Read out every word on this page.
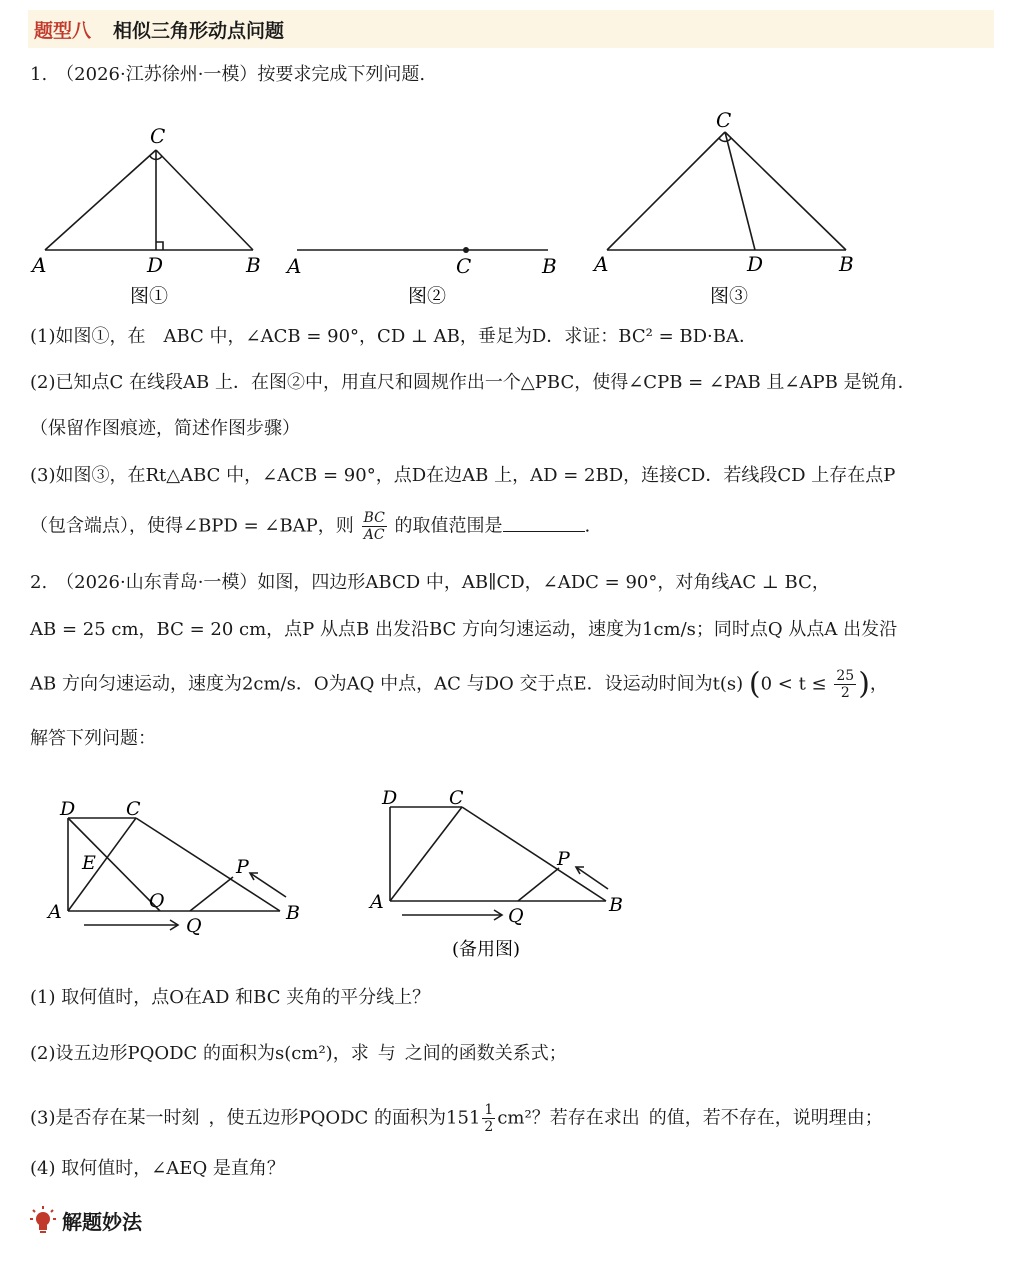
题型八 相似三角形动点问题
1.　（2026·江苏徐州·一模）按要求完成下列问题.
C
A	D	B
图①
A	C	B
图②
C
A	D	B
图③
(1)如图①，在 ABC 中，∠ACB = 90°，CD ⊥ AB，垂足为D．求证：BC² = BD·BA．
(2)已知点C 在线段AB 上．在图②中，用直尺和圆规作出一个△PBC，使得∠CPB = ∠PAB 且∠APB 是锐角．
（保留作图痕迹，简述作图步骤）
(3)如图③，在Rt△ABC 中，∠ACB = 90°，点D在边AB 上，AD = 2BD，连接CD．若线段CD 上存在点P
（包含端点），使得∠BPD = ∠BAP，则 $\frac{BC}{AC}$ 的取值范围是	.
2.　（2026·山东青岛·一模）如图，四边形ABCD 中，AB∥CD，∠ADC = 90°，对角线AC ⊥ BC，
AB = 25 cm，BC = 20 cm，点P 从点B 出发沿BC 方向匀速运动，速度为1cm/s；同时点Q 从点A 出发沿
AB 方向匀速运动，速度为2cm/s．O为AQ 中点，AC 与DO 交于点E．设运动时间为t(s) ($0 < t \le \frac{25}{2}$ )，
解答下列问题：
D	C
E
A	O
Q
P
B
D	C
A
Q
P
B
(备用图)
(1) 取何值时，点O在AD 和BC 夹角的平分线上？
(2)设五边形PQODC 的面积为s(cm²)，求 与 之间的函数关系式；
(3)是否存在某一时刻 ，使五边形PQODC 的面积为$151 \frac{1}{2} cm^2$？若存在求出 的值，若不存在，说明理由；
(4) 取何值时，∠AEQ 是直角？
解题妙法
